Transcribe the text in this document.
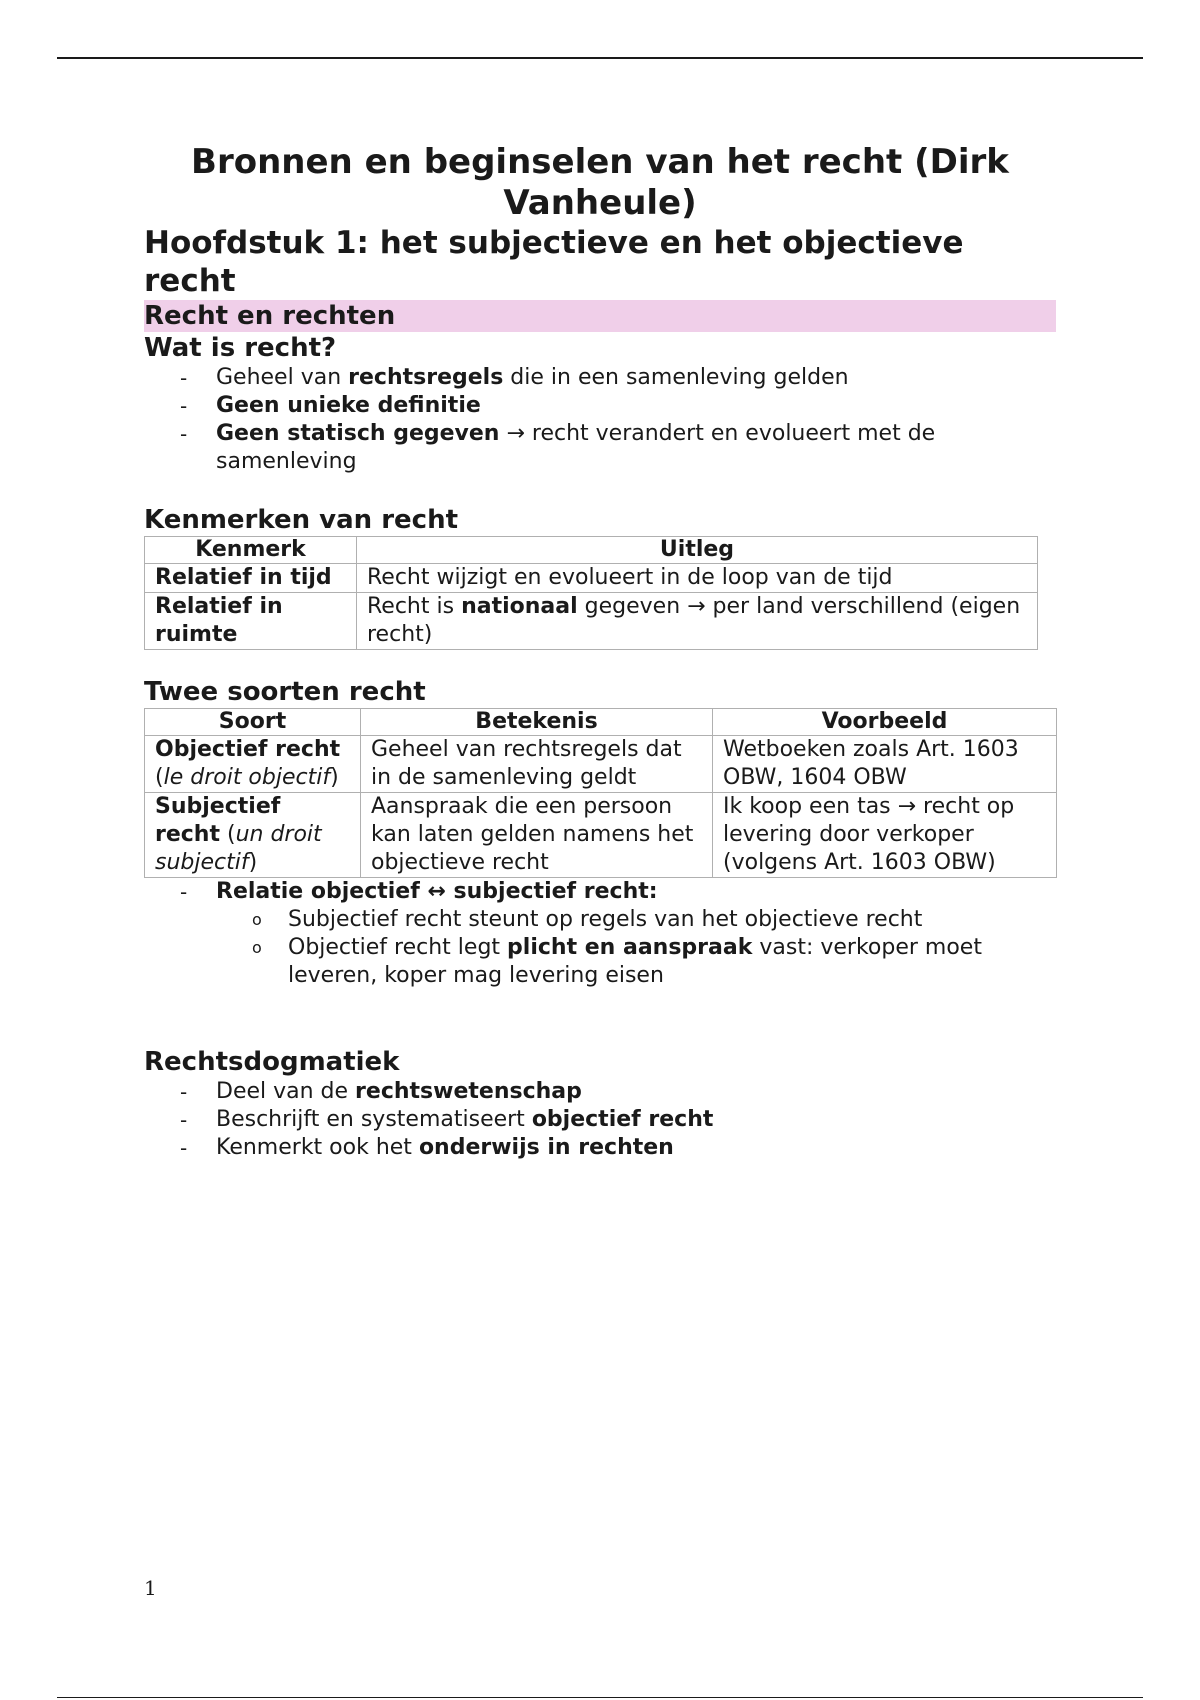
Bronnen en beginselen van het recht (Dirk Vanheule)
Hoofdstuk 1: het subjectieve en het objectieve recht
Recht en rechten
Wat is recht?
-	Geheel van rechtsregels die in een samenleving gelden
-	Geen unieke definitie
-	Geen statisch gegeven → recht verandert en evolueert met de samenleving
Kenmerken van recht
Kenmerk	Uitleg
Relatief in tijd	Recht wijzigt en evolueert in de loop van de tijd
Relatief in ruimte	Recht is nationaal gegeven → per land verschillend (eigen recht)
Twee soorten recht
Soort	Betekenis	Voorbeeld
Objectief recht (le droit objectif)	Geheel van rechtsregels dat in de samenleving geldt	Wetboeken zoals Art. 1603 OBW, 1604 OBW
Subjectief recht (un droit subjectif)	Aanspraak die een persoon kan laten gelden namens het objectieve recht	Ik koop een tas → recht op levering door verkoper (volgens Art. 1603 OBW)
-	Relatie objectief ↔ subjectief recht:
o Subjectief recht steunt op regels van het objectieve recht
o Objectief recht legt plicht en aanspraak vast: verkoper moet leveren, koper mag levering eisen
Rechtsdogmatiek
-	Deel van de rechtswetenschap
-	Beschrijft en systematiseert objectief recht
-	Kenmerkt ook het onderwijs in rechten
1
